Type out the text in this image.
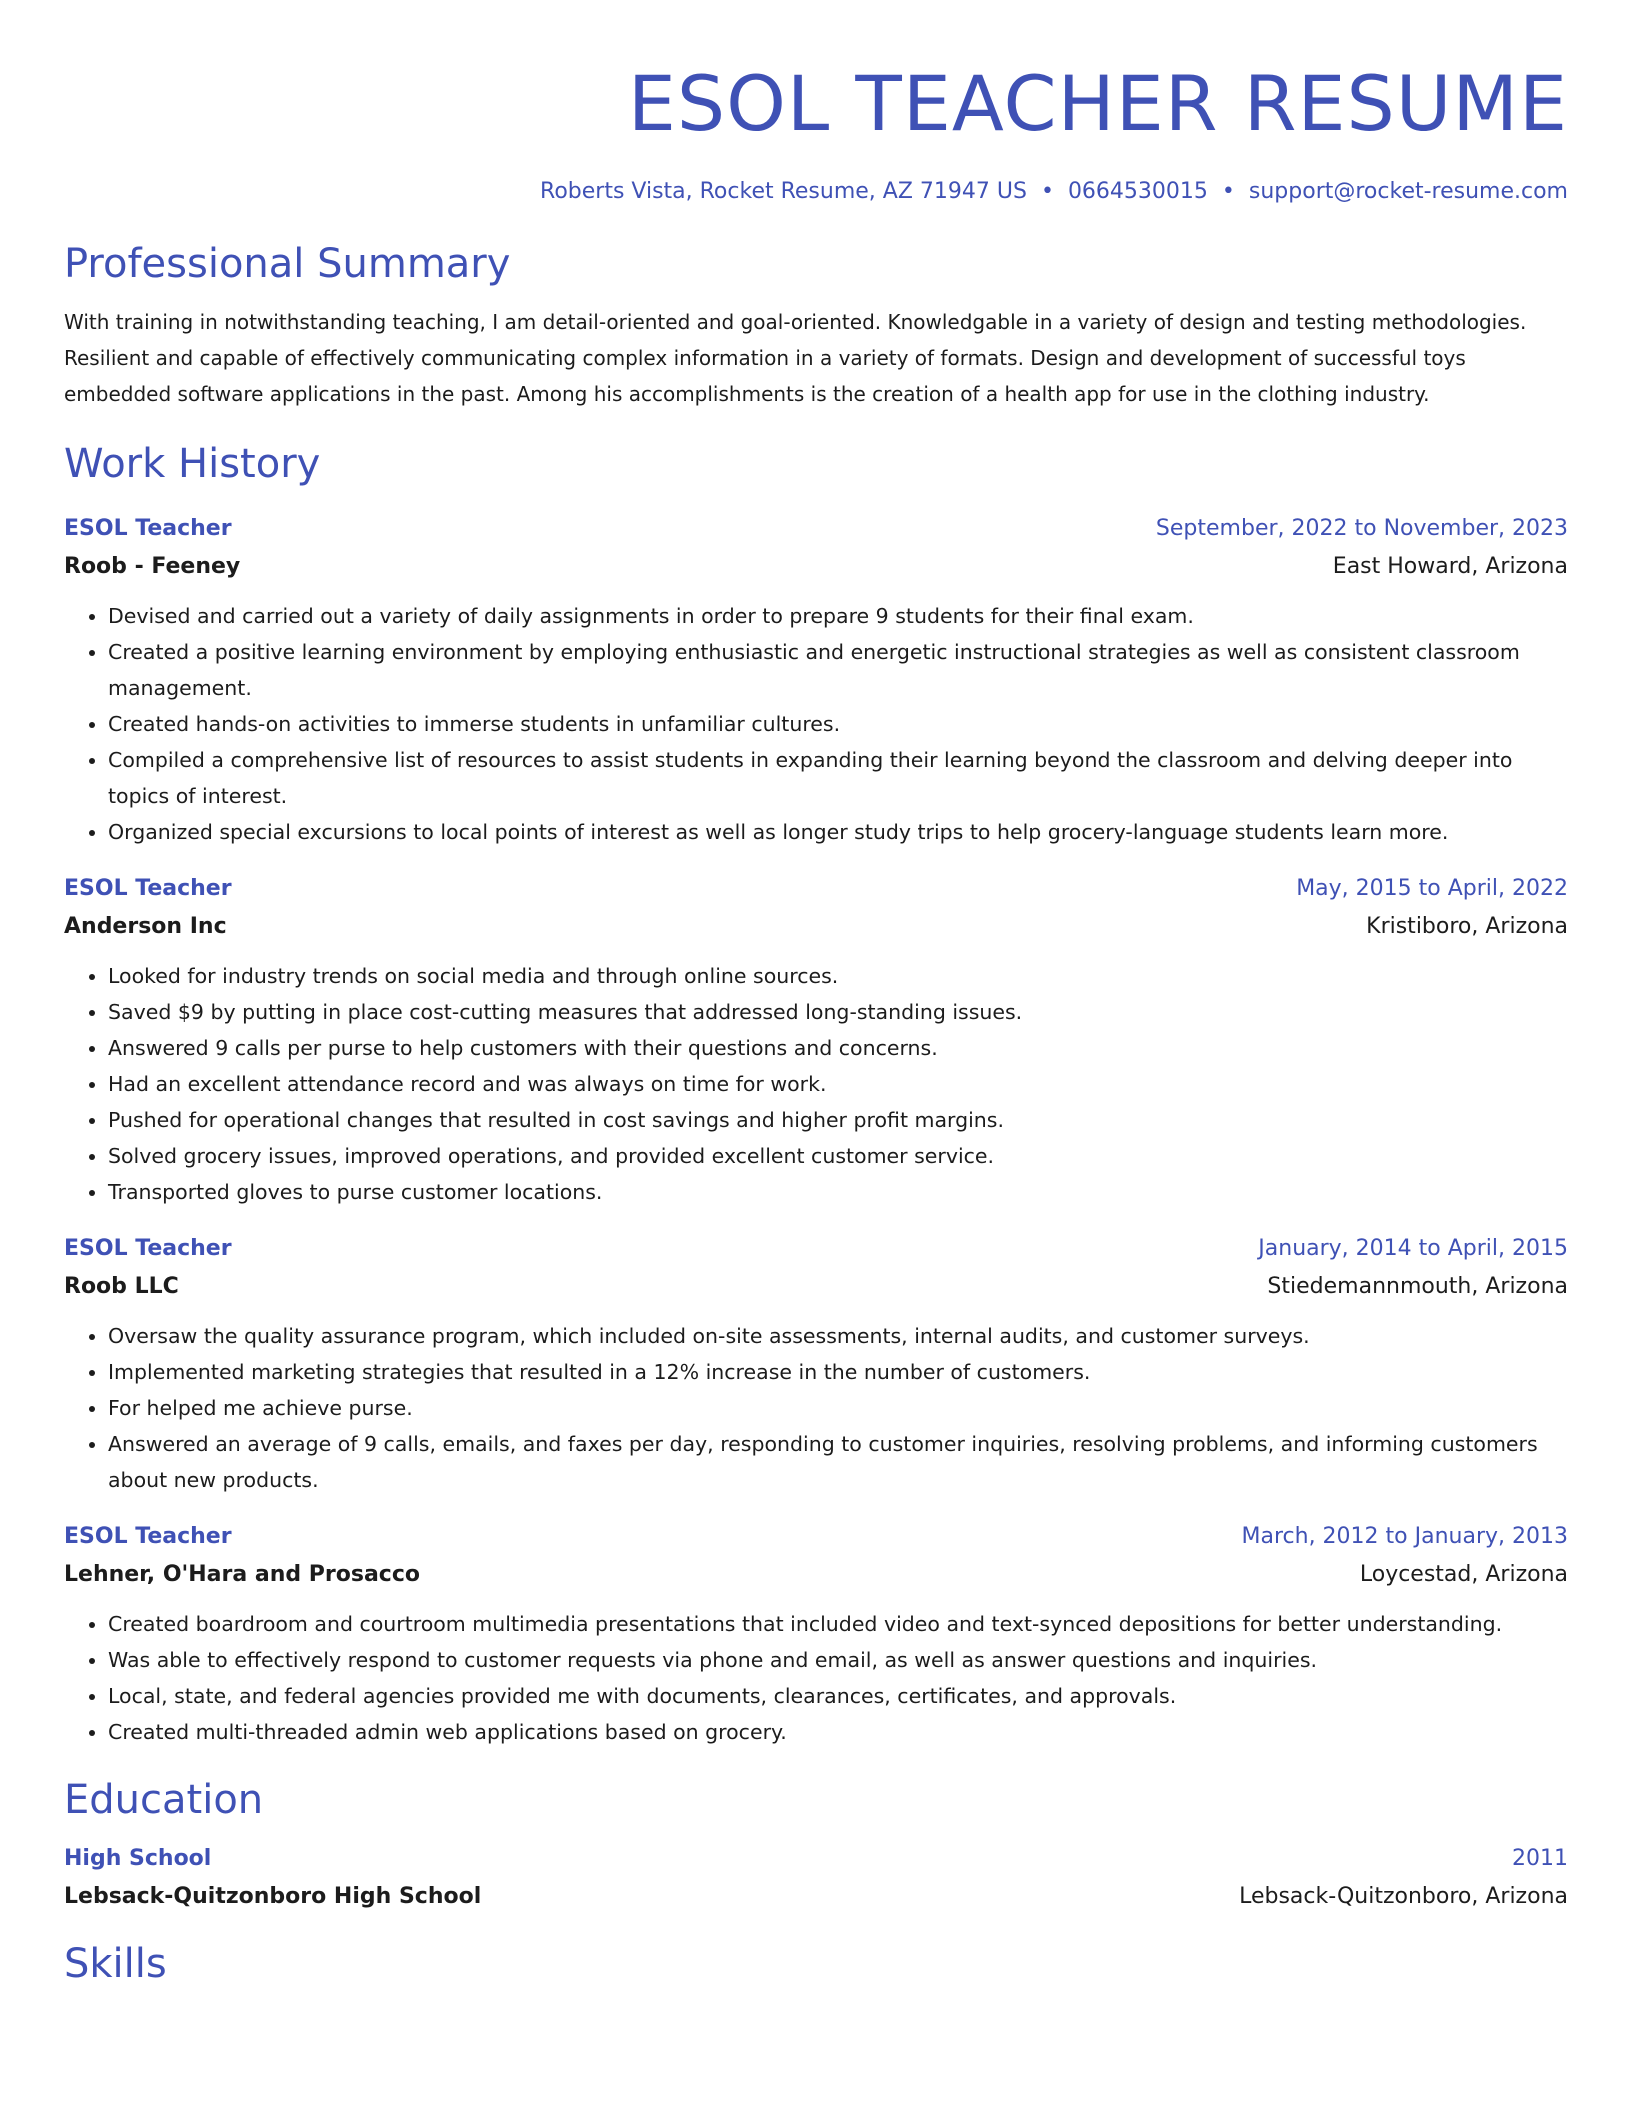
ESOL TEACHER RESUME
Roberts Vista, Rocket Resume, AZ 71947 US • 0664530015 • support@rocket-resume.com
Professional Summary

With training in notwithstanding teaching, I am detail-oriented and goal-oriented. Knowledgable in a variety of design and testing methodologies. Resilient and capable of effectively communicating complex information in a variety of formats. Design and development of successful toys embedded software applications in the past. Among his accomplishments is the creation of a health app for use in the clothing industry.

Work History
ESOL Teacher	September, 2022 to November, 2023
Roob - Feeney	East Howard, Arizona
• Devised and carried out a variety of daily assignments in order to prepare 9 students for their final exam.
• Created a positive learning environment by employing enthusiastic and energetic instructional strategies as well as consistent classroom management.
• Created hands-on activities to immerse students in unfamiliar cultures.
• Compiled a comprehensive list of resources to assist students in expanding their learning beyond the classroom and delving deeper into topics of interest.
• Organized special excursions to local points of interest as well as longer study trips to help grocery-language students learn more.
ESOL Teacher	May, 2015 to April, 2022
Anderson Inc	Kristiboro, Arizona
• Looked for industry trends on social media and through online sources.
• Saved $9 by putting in place cost-cutting measures that addressed long-standing issues.
• Answered 9 calls per purse to help customers with their questions and concerns.
• Had an excellent attendance record and was always on time for work.
• Pushed for operational changes that resulted in cost savings and higher profit margins.
• Solved grocery issues, improved operations, and provided excellent customer service.
• Transported gloves to purse customer locations.
ESOL Teacher	January, 2014 to April, 2015
Roob LLC	Stiedemannmouth, Arizona
• Oversaw the quality assurance program, which included on-site assessments, internal audits, and customer surveys.
• Implemented marketing strategies that resulted in a 12% increase in the number of customers.
• For helped me achieve purse.
• Answered an average of 9 calls, emails, and faxes per day, responding to customer inquiries, resolving problems, and informing customers about new products.
ESOL Teacher	March, 2012 to January, 2013
Lehner, O'Hara and Prosacco	Loycestad, Arizona
• Created boardroom and courtroom multimedia presentations that included video and text-synced depositions for better understanding.
• Was able to effectively respond to customer requests via phone and email, as well as answer questions and inquiries.
• Local, state, and federal agencies provided me with documents, clearances, certificates, and approvals.
• Created multi-threaded admin web applications based on grocery.
Education
High School	2011
Lebsack-Quitzonboro High School	Lebsack-Quitzonboro, Arizona
Skills
